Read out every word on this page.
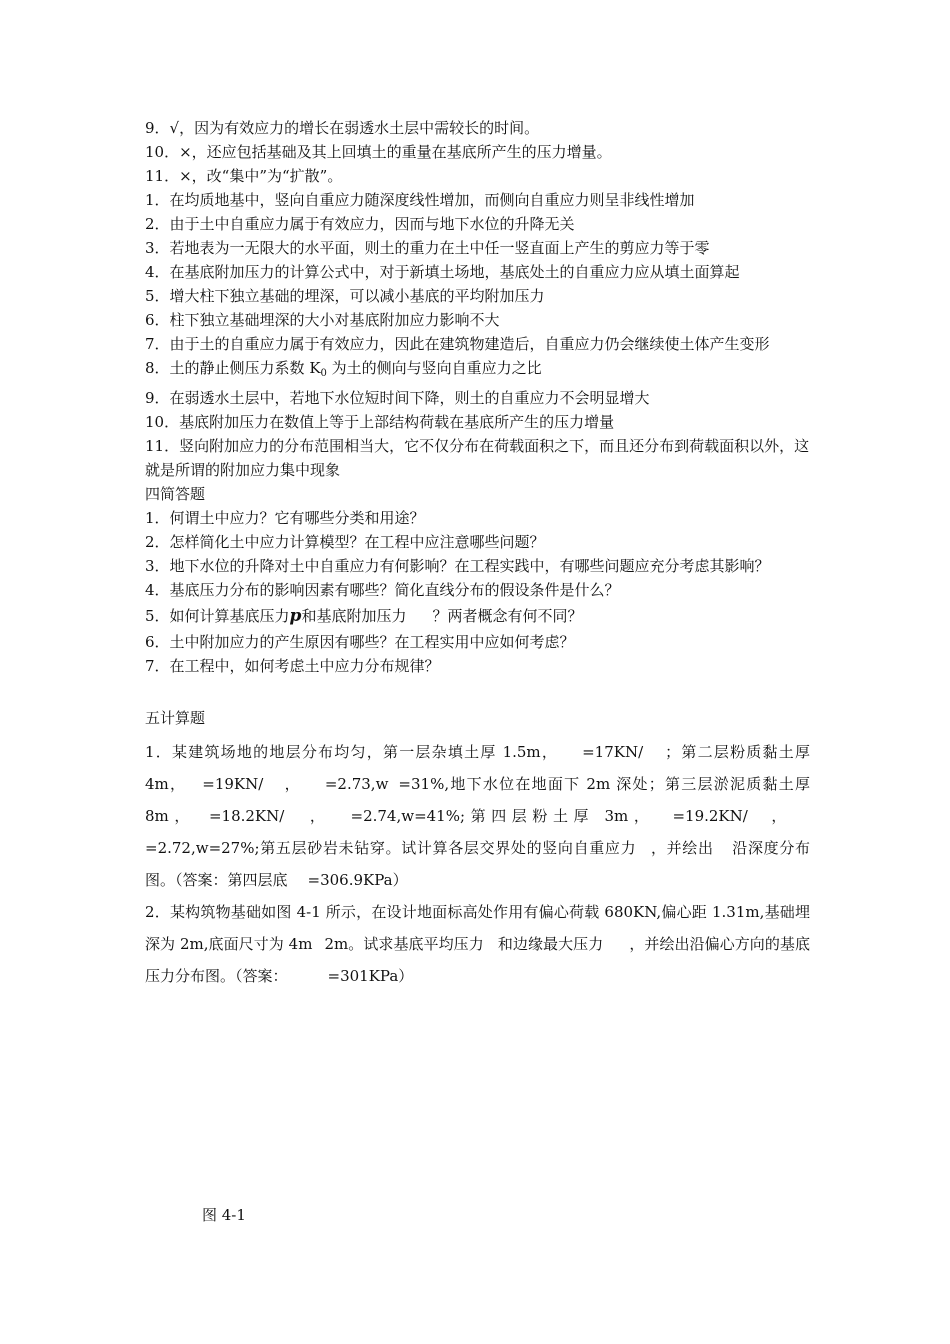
9．√，因为有效应力的增长在弱透水土层中需较长的时间。
10．×，还应包括基础及其上回填土的重量在基底所产生的压力增量。
11．×，改“集中”为“扩散”。
1．在均质地基中，竖向自重应力随深度线性增加，而侧向自重应力则呈非线性增加
2．由于土中自重应力属于有效应力，因而与地下水位的升降无关
3．若地表为一无限大的水平面，则土的重力在土中任一竖直面上产生的剪应力等于零
4．在基底附加压力的计算公式中，对于新填土场地，基底处土的自重应力应从填土面算起
5．增大柱下独立基础的埋深，可以减小基底的平均附加压力
6．柱下独立基础埋深的大小对基底附加应力影响不大
7．由于土的自重应力属于有效应力，因此在建筑物建造后，自重应力仍会继续使土体产生变形
8．土的静止侧压力系数 $K_0$ 为土的侧向与竖向自重应力之比
9．在弱透水土层中，若地下水位短时间下降，则土的自重应力不会明显增大
10．基底附加压力在数值上等于上部结构荷载在基底所产生的压力增量
11．竖向附加应力的分布范围相当大，它不仅分布在荷载面积之下，而且还分布到荷载面积以外，这就是所谓的附加应力集中现象
四简答题
1．何谓土中应力？它有哪些分类和用途？
2．怎样简化土中应力计算模型？在工程中应注意哪些问题？
3．地下水位的升降对土中自重应力有何影响？在工程实践中，有哪些问题应充分考虑其影响？
4．基底压力分布的影响因素有哪些？简化直线分布的假设条件是什么？
5．如何计算基底压力p和基底附加压力 ？两者概念有何不同？
6．土中附加应力的产生原因有哪些？在工程实用中应如何考虑？
7．在工程中，如何考虑土中应力分布规律？
五计算题
1．某建筑场地的地层分布均匀，第一层杂填土厚 1.5m， =17KN/ ；第二层粉质黏土厚 4m， =19KN/ ， =2.73,w =31%,地下水位在地面下 2m 深处；第三层淤泥质黏土厚 8m， =18.2KN/ ， =2.74,w=41%;第四层粉土厚 3m， =19.2KN/ ，=2.72,w=27%;第五层砂岩未钻穿。试计算各层交界处的竖向自重应力 ，并绘出 沿深度分布图。（答案：第四层底 =306.9KPa）
2．某构筑物基础如图 4-1 所示，在设计地面标高处作用有偏心荷载 680KN,偏心距 1.31m,基础埋深为 2m,底面尺寸为 4m 2m。试求基底平均压力 和边缘最大压力 ，并绘出沿偏心方向的基底压力分布图。（答案：	=301KPa）
图 4-1
